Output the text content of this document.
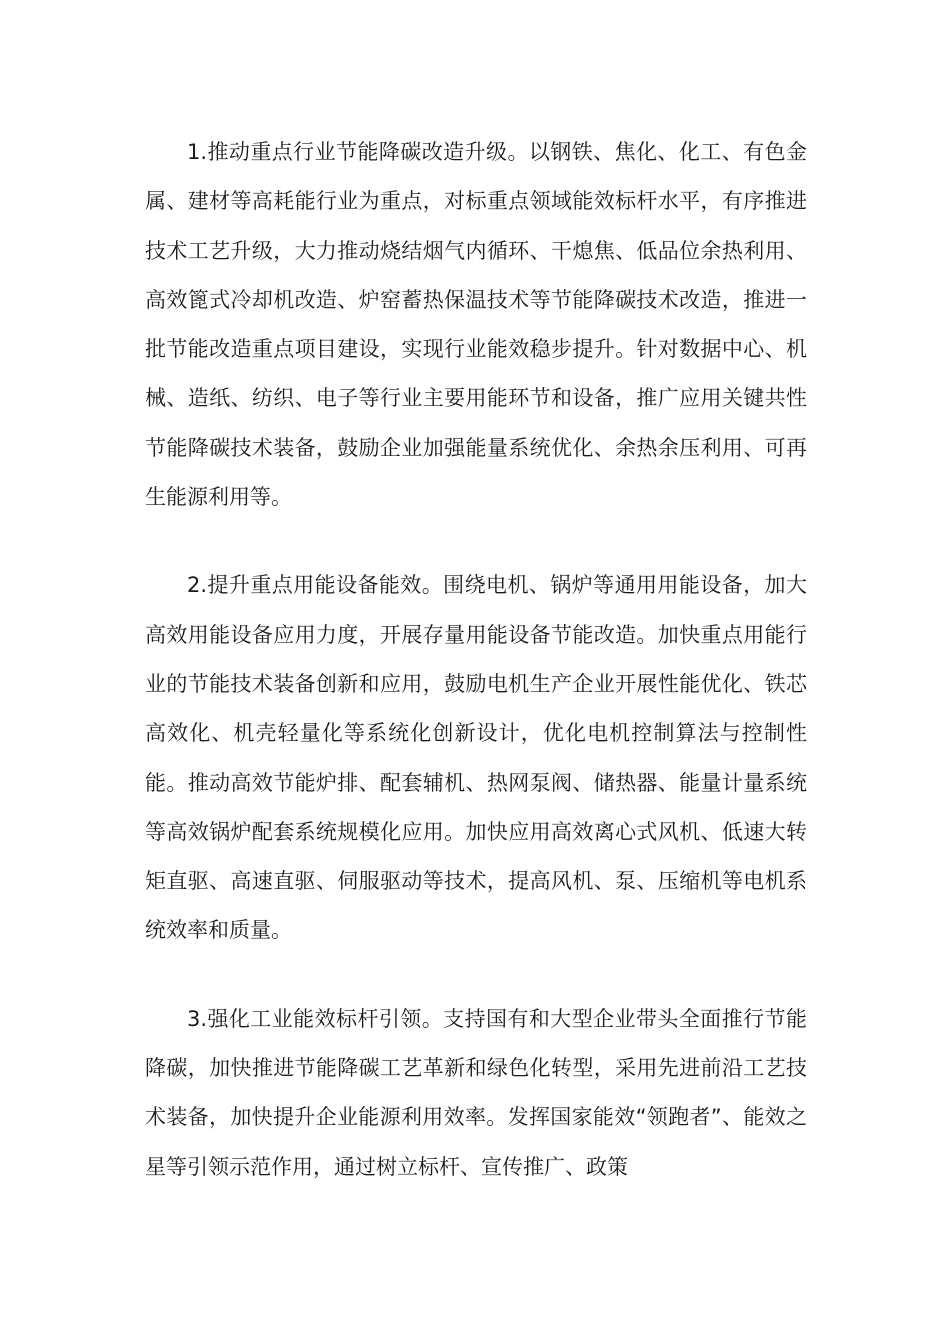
1.推动重点行业节能降碳改造升级。以钢铁、焦化、化工、有色金属、建材等高耗能行业为重点，对标重点领域能效标杆水平，有序推进技术工艺升级，大力推动烧结烟气内循环、干熄焦、低品位余热利用、高效篦式冷却机改造、炉窑蓄热保温技术等节能降碳技术改造，推进一批节能改造重点项目建设，实现行业能效稳步提升。针对数据中心、机械、造纸、纺织、电子等行业主要用能环节和设备，推广应用关键共性节能降碳技术装备，鼓励企业加强能量系统优化、余热余压利用、可再生能源利用等。

2.提升重点用能设备能效。围绕电机、锅炉等通用用能设备，加大高效用能设备应用力度，开展存量用能设备节能改造。加快重点用能行业的节能技术装备创新和应用，鼓励电机生产企业开展性能优化、铁芯高效化、机壳轻量化等系统化创新设计，优化电机控制算法与控制性能。推动高效节能炉排、配套辅机、热网泵阀、储热器、能量计量系统等高效锅炉配套系统规模化应用。加快应用高效离心式风机、低速大转矩直驱、高速直驱、伺服驱动等技术，提高风机、泵、压缩机等电机系统效率和质量。

3.强化工业能效标杆引领。支持国有和大型企业带头全面推行节能降碳，加快推进节能降碳工艺革新和绿色化转型，采用先进前沿工艺技术装备，加快提升企业能源利用效率。发挥国家能效“领跑者”、能效之星等引领示范作用，通过树立标杆、宣传推广、政策
